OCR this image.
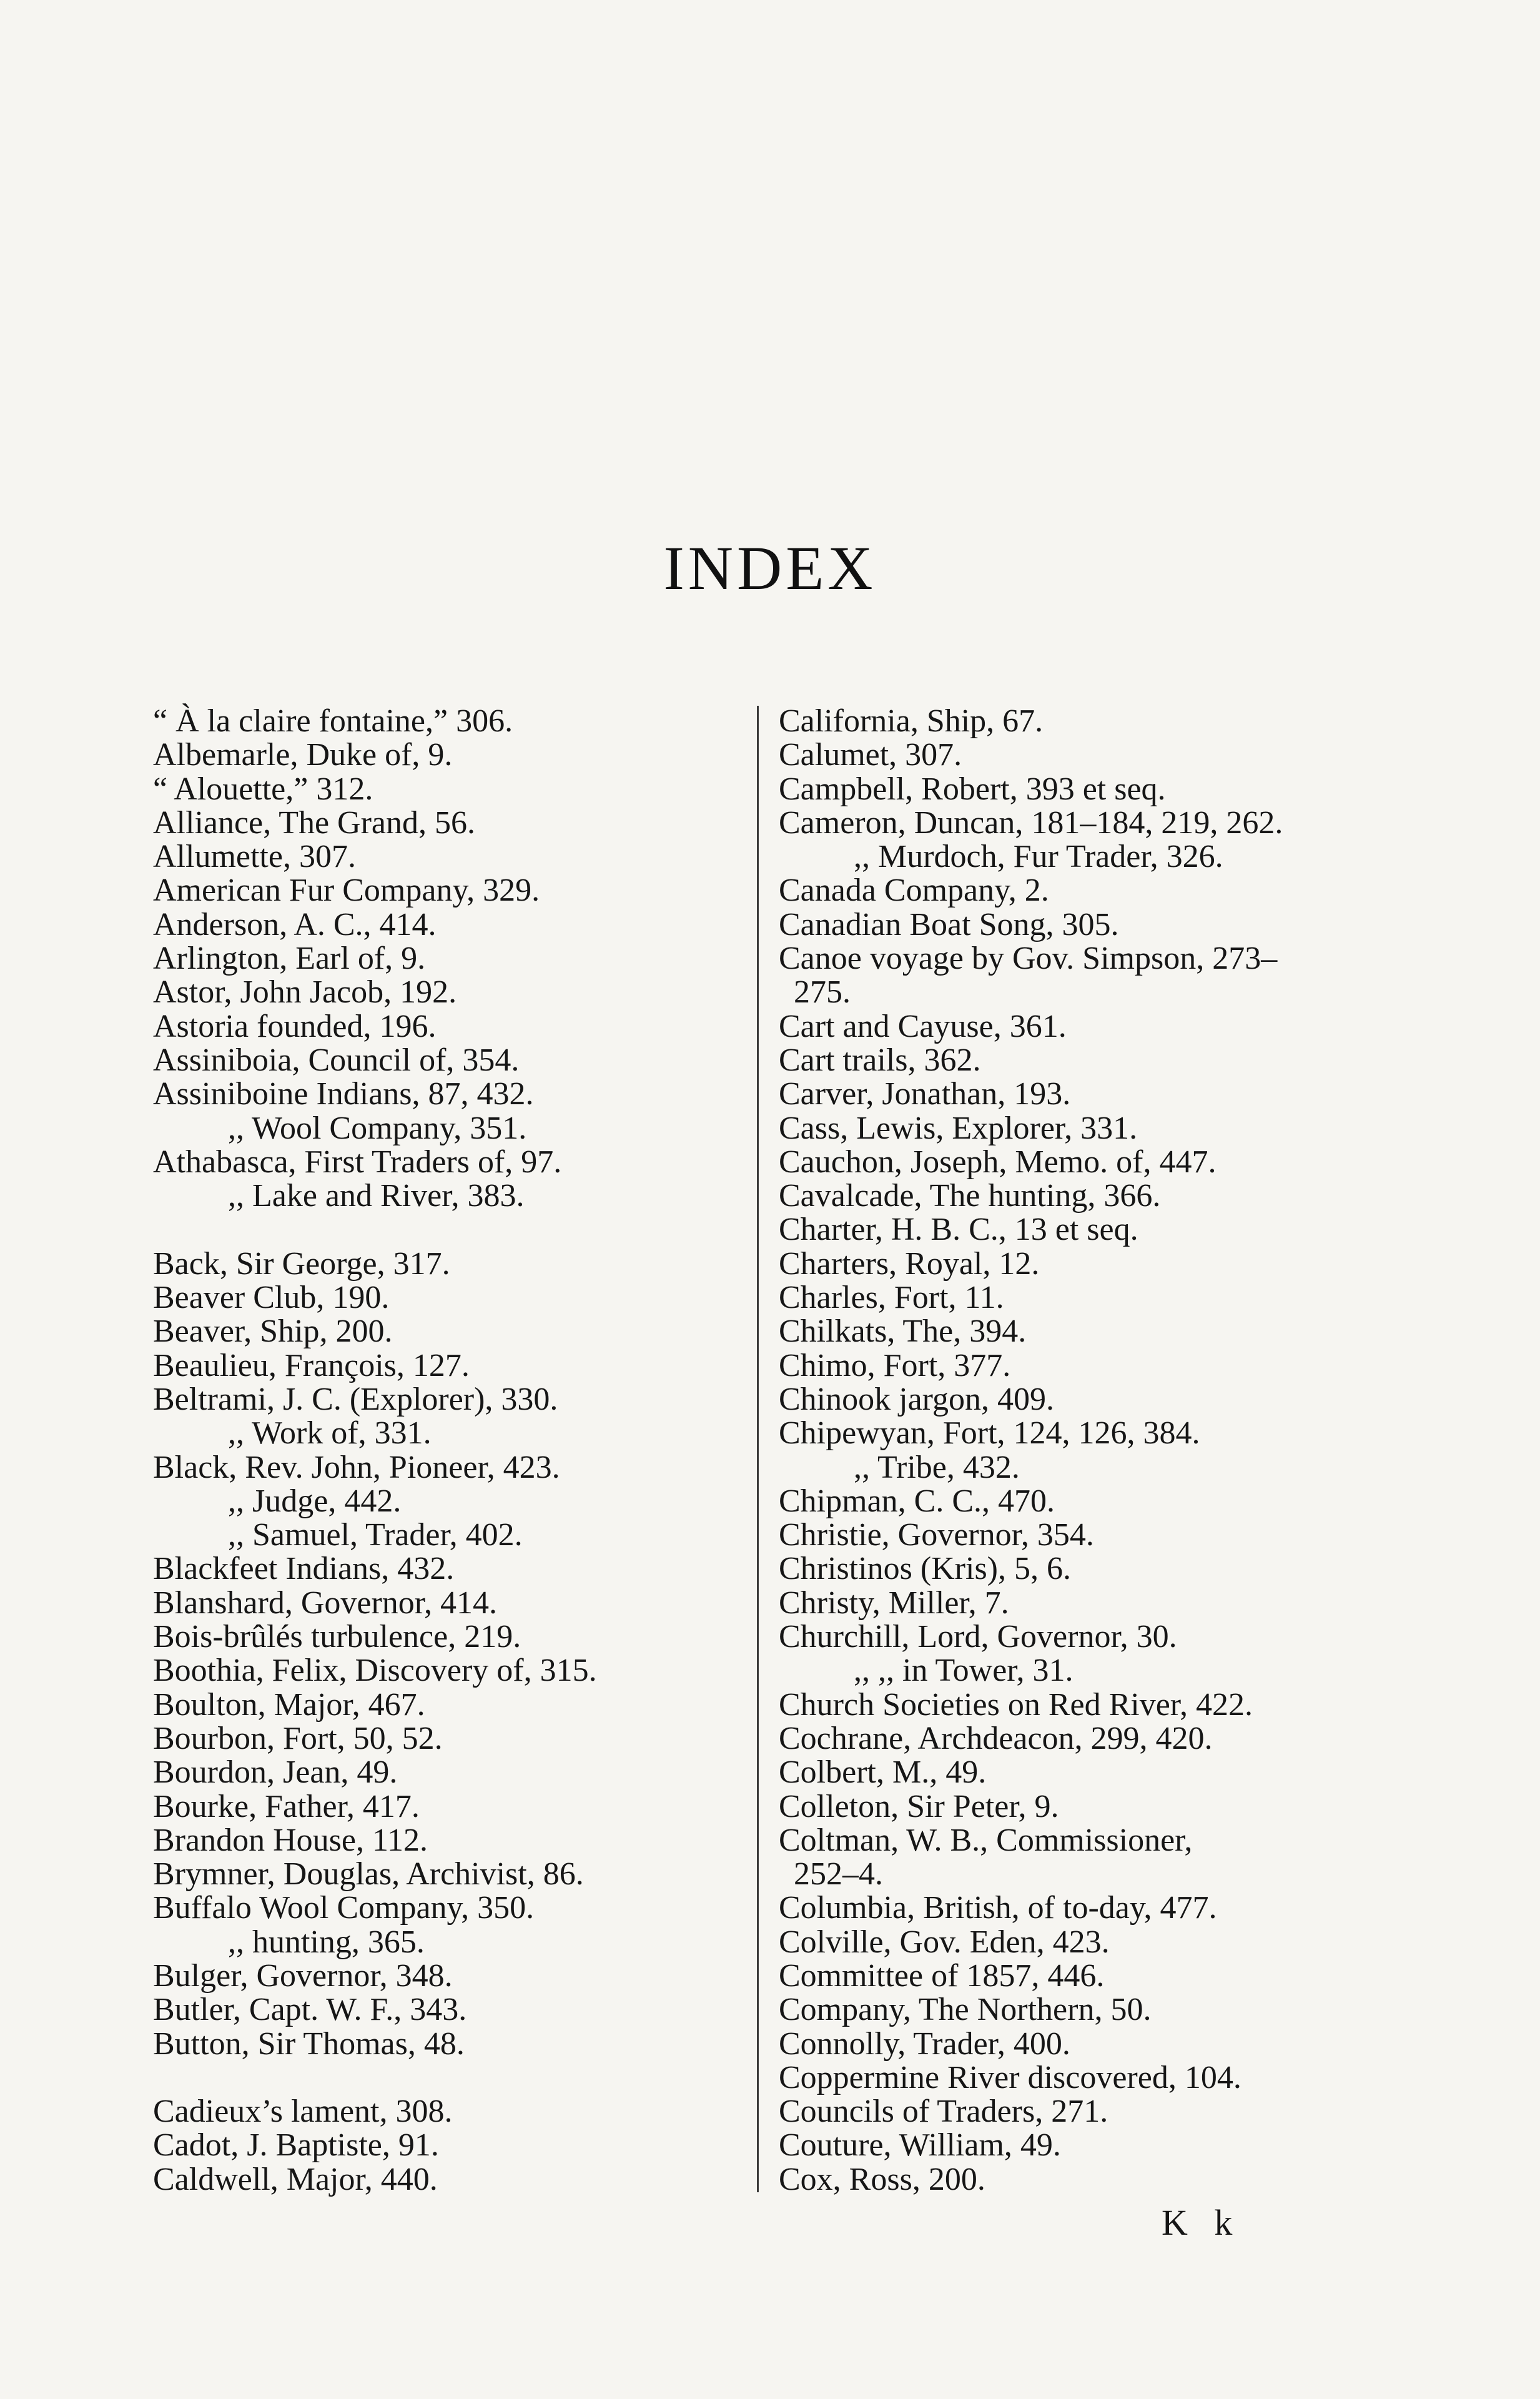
INDEX
“ À la claire fontaine,” 306.
Albemarle, Duke of, 9.
“ Alouette,” 312.
Alliance, The Grand, 56.
Allumette, 307.
American Fur Company, 329.
Anderson, A. C., 414.
Arlington, Earl of, 9.
Astor, John Jacob, 192.
Astoria founded, 196.
Assiniboia, Council of, 354.
Assiniboine Indians, 87, 432.
,, Wool Company, 351.
Athabasca, First Traders of, 97.
,, Lake and River, 383.
Back, Sir George, 317.
Beaver Club, 190.
Beaver, Ship, 200.
Beaulieu, François, 127.
Beltrami, J. C. (Explorer), 330.
,, Work of, 331.
Black, Rev. John, Pioneer, 423.
,, Judge, 442.
,, Samuel, Trader, 402.
Blackfeet Indians, 432.
Blanshard, Governor, 414.
Bois-brûlés turbulence, 219.
Boothia, Felix, Discovery of, 315.
Boulton, Major, 467.
Bourbon, Fort, 50, 52.
Bourdon, Jean, 49.
Bourke, Father, 417.
Brandon House, 112.
Brymner, Douglas, Archivist, 86.
Buffalo Wool Company, 350.
,, hunting, 365.
Bulger, Governor, 348.
Butler, Capt. W. F., 343.
Button, Sir Thomas, 48.
Cadieux’s lament, 308.
Cadot, J. Baptiste, 91.
Caldwell, Major, 440.
California, Ship, 67.
Calumet, 307.
Campbell, Robert, 393 et seq.
Cameron, Duncan, 181–184, 219, 262.
,, Murdoch, Fur Trader, 326.
Canada Company, 2.
Canadian Boat Song, 305.
Canoe voyage by Gov. Simpson, 273–
275.
Cart and Cayuse, 361.
Cart trails, 362.
Carver, Jonathan, 193.
Cass, Lewis, Explorer, 331.
Cauchon, Joseph, Memo. of, 447.
Cavalcade, The hunting, 366.
Charter, H. B. C., 13 et seq.
Charters, Royal, 12.
Charles, Fort, 11.
Chilkats, The, 394.
Chimo, Fort, 377.
Chinook jargon, 409.
Chipewyan, Fort, 124, 126, 384.
,, Tribe, 432.
Chipman, C. C., 470.
Christie, Governor, 354.
Christinos (Kris), 5, 6.
Christy, Miller, 7.
Churchill, Lord, Governor, 30.
,, ,, in Tower, 31.
Church Societies on Red River, 422.
Cochrane, Archdeacon, 299, 420.
Colbert, M., 49.
Colleton, Sir Peter, 9.
Coltman, W. B., Commissioner,
252–4.
Columbia, British, of to-day, 477.
Colville, Gov. Eden, 423.
Committee of 1857, 446.
Company, The Northern, 50.
Connolly, Trader, 400.
Coppermine River discovered, 104.
Councils of Traders, 271.
Couture, William, 49.
Cox, Ross, 200.
K k
